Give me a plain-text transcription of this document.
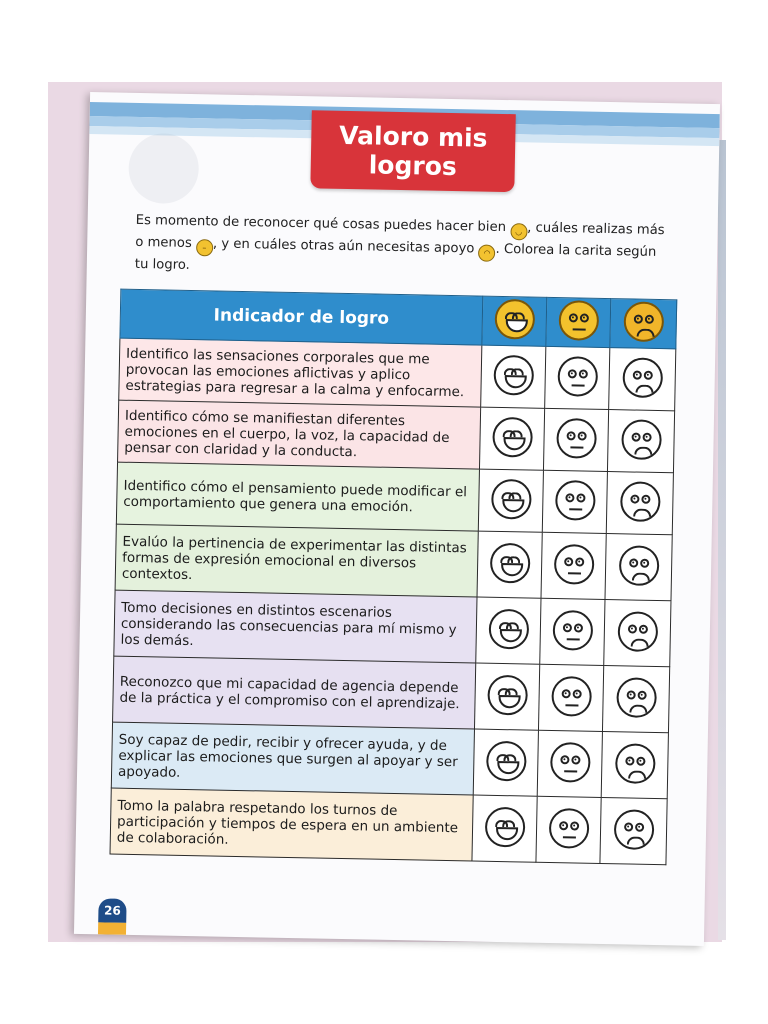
Valoro mis logros
Es momento de reconocer qué cosas puedes hacer bien ◡ , cuáles realizas más o menos – , y en cuáles otras aún necesitas apoyo ◠ . Colorea la carita según tu logro.
Indicador de logro	

Identifico las sensaciones corporales que me provocan las emociones aflictivas y aplico estrategias para regresar a la calma y enfocarme.	

Identifico cómo se manifiestan diferentes emociones en el cuerpo, la voz, la capacidad de pensar con claridad y la conducta.	

Identifico cómo el pensamiento puede modificar el comportamiento que genera una emoción.	

Evalúo la pertinencia de experimentar las distintas formas de expresión emocional en diversos contextos.	

Tomo decisiones en distintos escenarios considerando las consecuencias para mí mismo y los demás.	

Reconozco que mi capacidad de agencia depende de la práctica y el compromiso con el aprendizaje.	

Soy capaz de pedir, recibir y ofrecer ayuda, y de explicar las emociones que surgen al apoyar y ser apoyado.	

Tomo la palabra respetando los turnos de participación y tiempos de espera en un ambiente de colaboración.	

26
